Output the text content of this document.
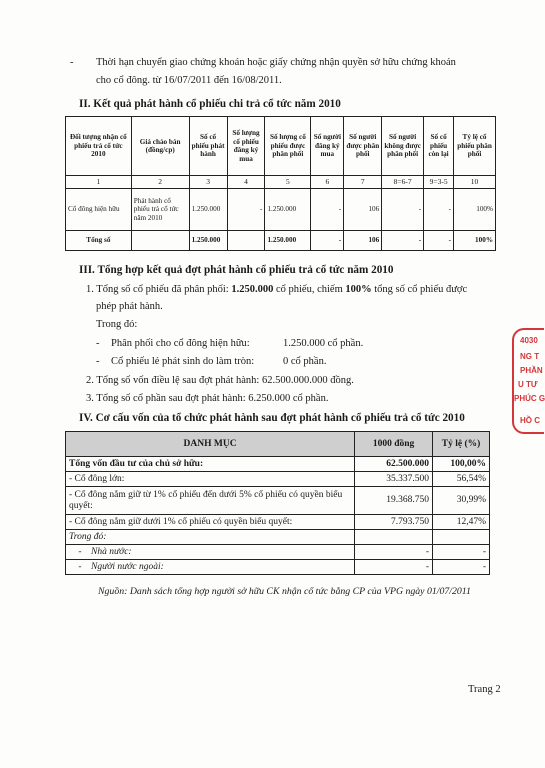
- Thời hạn chuyển giao chứng khoán hoặc giấy chứng nhận quyền sở hữu chứng khoán
cho cổ đông. từ 16/07/2011 đến 16/08/2011.
II. Kết quả phát hành cổ phiếu chi trả cổ tức năm 2010
Đối tượng nhận cổ phiếu trả cổ tức 2010	Giá chào bán (đồng/cp)	Số cổ phiếu phát hành	Số lượng cổ phiếu đăng ký mua	Số lượng cổ phiếu được phân phối	Số người đăng ký mua	Số người được phân phối	Số người không được phân phối	Số cổ phiếu còn lại	Tỷ lệ cổ phiếu phân phối
1	2	3	4	5	6	7	8=6-7	9=3-5	10
Cổ đông hiện hữu	Phát hành cổ phiếu trả cổ tức năm 2010	1.250.000	-	1.250.000	-	106	-	-	100%
Tổng số		1.250.000		1.250.000	-	106	-	-	100%
III. Tổng hợp kết quả đợt phát hành cổ phiếu trả cổ tức năm 2010
1. Tổng số cổ phiếu đã phân phối: 1.250.000 cổ phiếu, chiếm 100% tổng số cổ phiếu được
phép phát hành.
Trong đó:
- Phân phối cho cổ đông hiện hữu:	1.250.000 cổ phần.
- Cổ phiếu lẻ phát sinh do làm tròn:	0 cổ phần.
2. Tổng số vốn điều lệ sau đợt phát hành: 62.500.000.000 đồng.
3. Tổng số cổ phần sau đợt phát hành: 6.250.000 cổ phần.
IV. Cơ cấu vốn của tổ chức phát hành sau đợt phát hành cổ phiếu trả cổ tức 2010
DANH MỤC	1000 đồng	Tỷ lệ (%)
Tổng vốn đầu tư của chủ sở hữu:	62.500.000	100,00%
- Cổ đông lớn:	35.337.500	56,54%
- Cổ đông nắm giữ từ 1% cổ phiếu đến dưới 5% cổ phiếu có quyền biểu quyết:	19.368.750	30,99%
- Cổ đông nắm giữ dưới 1% cổ phiếu có quyền biểu quyết:	7.793.750	12,47%
Trong đó:		
- Nhà nước:	-	-
- Người nước ngoài:	-	-
Nguồn: Danh sách tổng hợp người sở hữu CK nhận cổ tức bằng CP của VPG ngày 01/07/2011
4030
NG T
PHẦN
U TƯ
PHÚC G
HỒ C
Trang 2
